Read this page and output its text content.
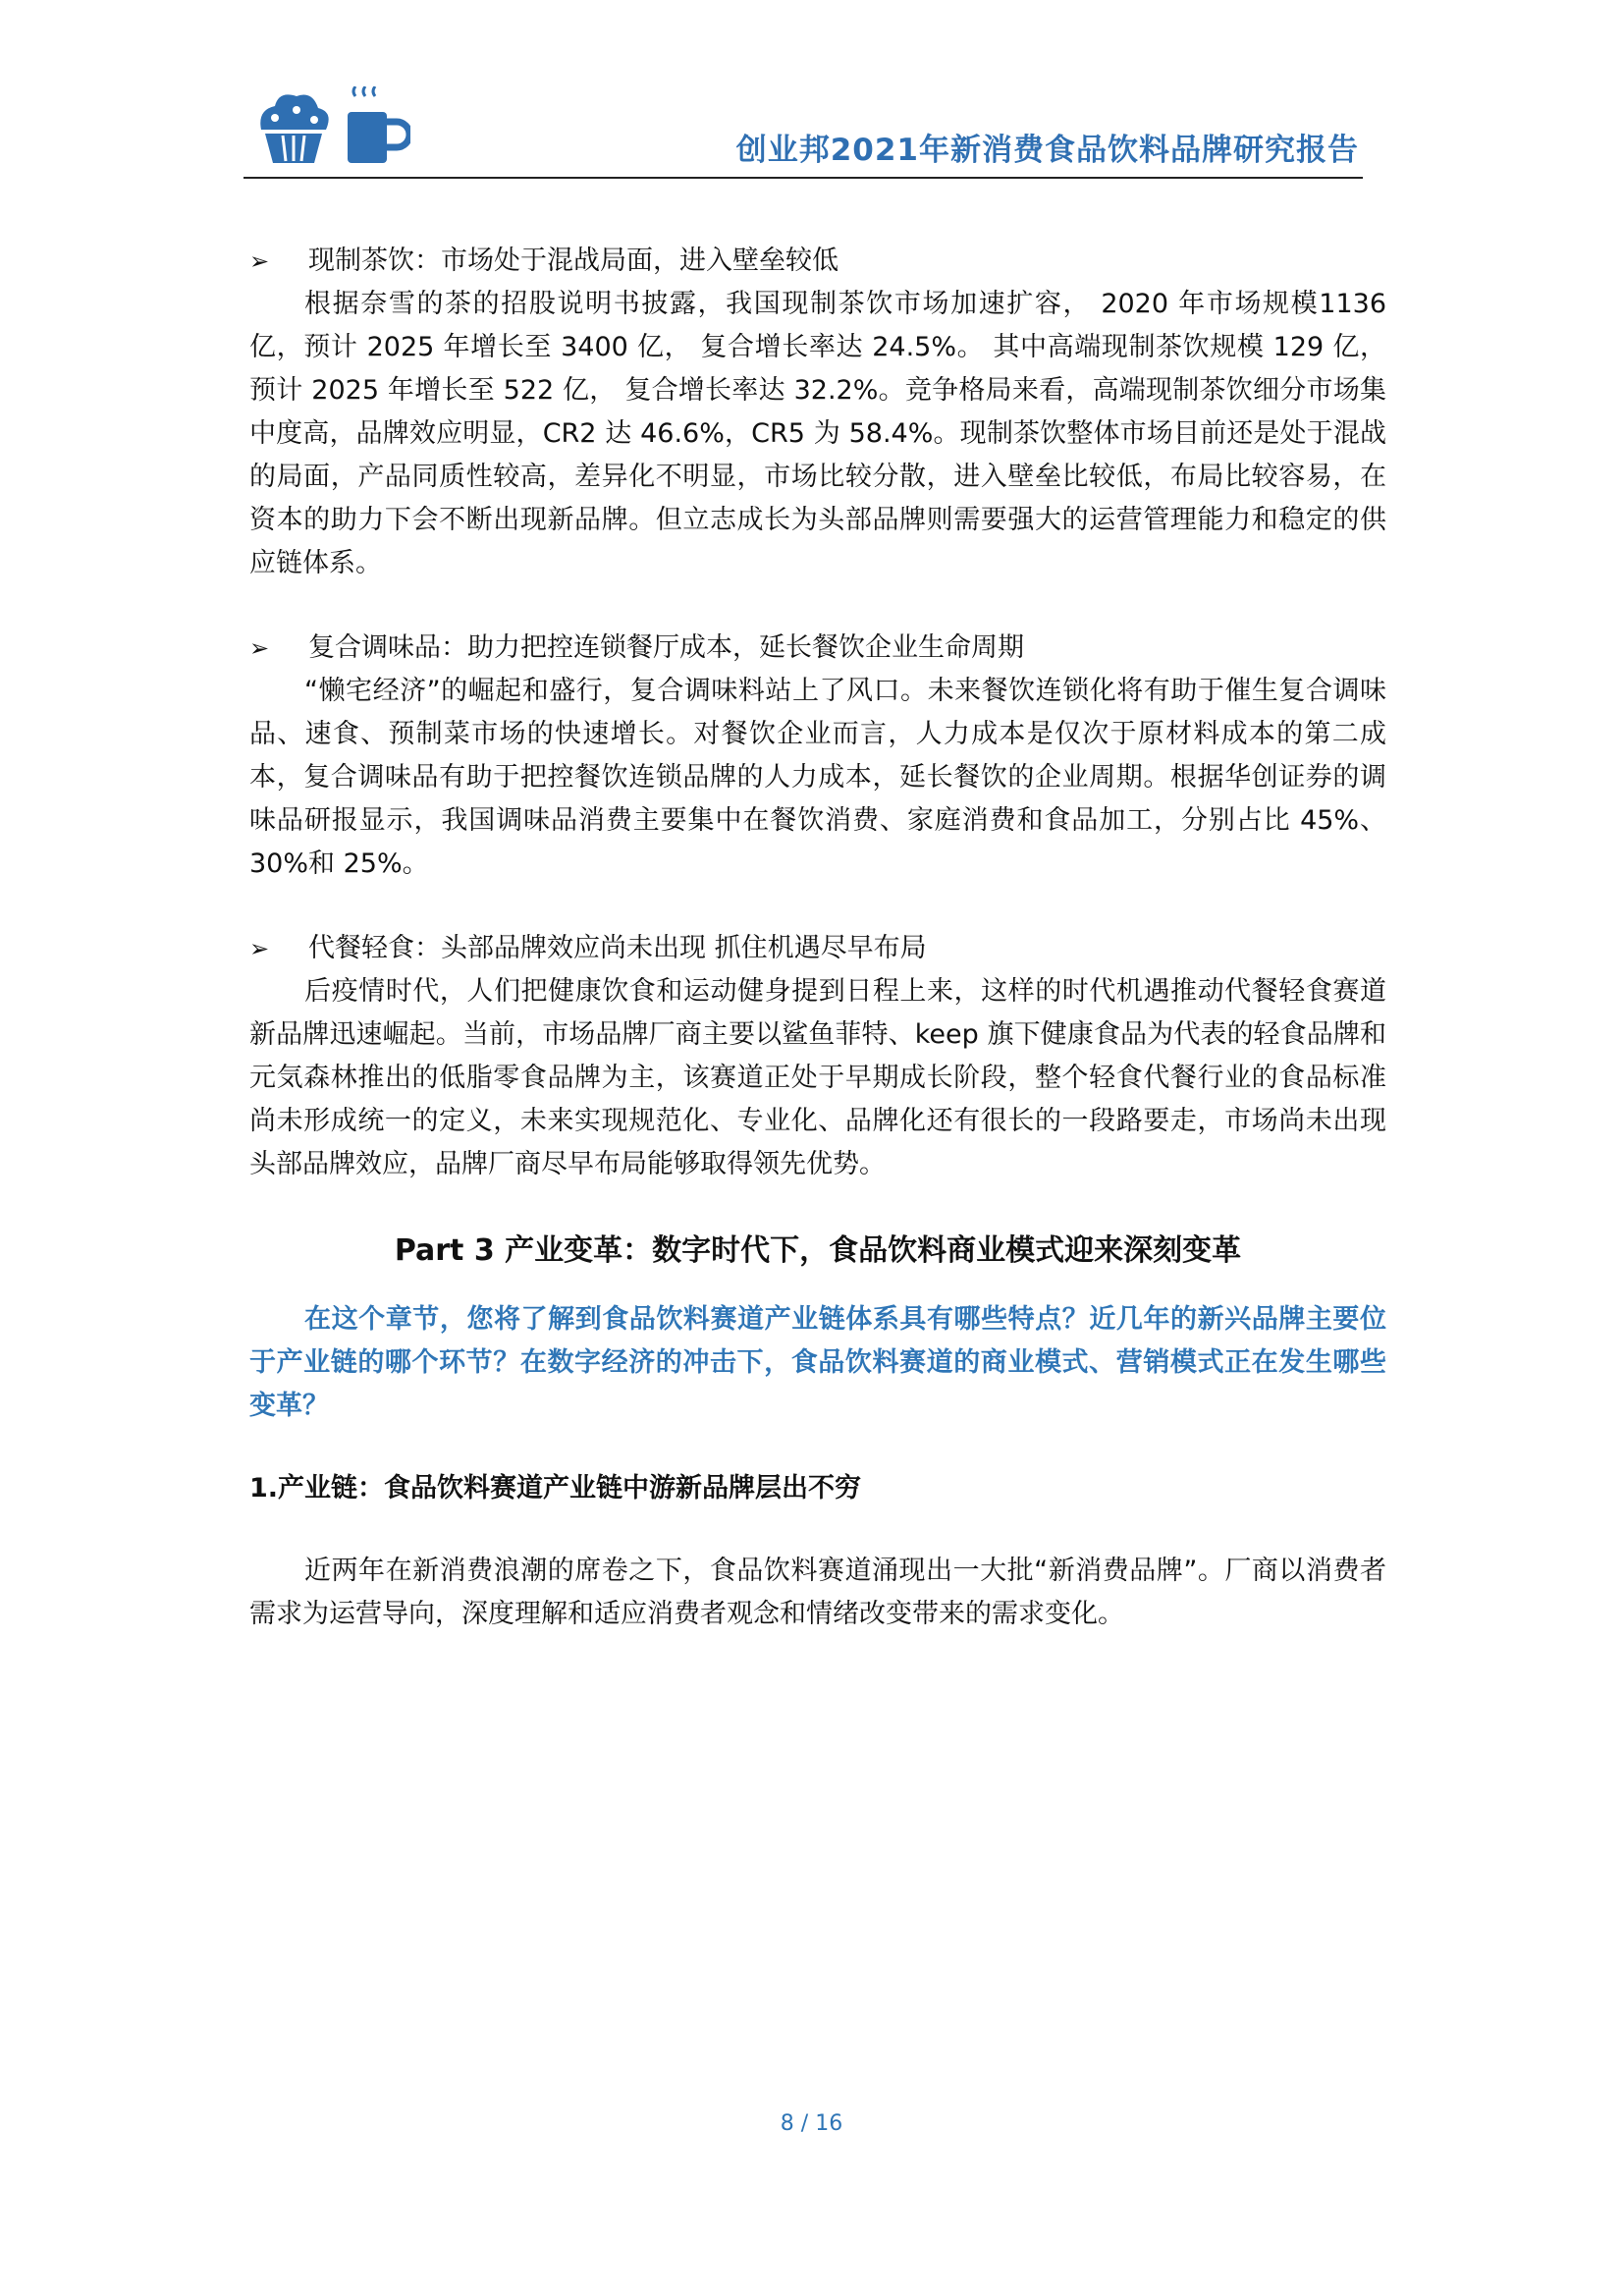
创业邦2021年新消费食品饮料品牌研究报告
➢	现制茶饮：市场处于混战局面，进入壁垒较低

根据奈雪的茶的招股说明书披露，我国现制茶饮市场加速扩容， 2020 年市场规模1136 亿，预计 2025 年增长至 3400 亿， 复合增长率达 24.5%。 其中高端现制茶饮规模 129 亿，预计 2025 年增长至 522 亿， 复合增长率达 32.2%。竞争格局来看，高端现制茶饮细分市场集中度高，品牌效应明显，CR2 达 46.6%，CR5 为 58.4%。现制茶饮整体市场目前还是处于混战的局面，产品同质性较高，差异化不明显，市场比较分散，进入壁垒比较低，布局比较容易，在资本的助力下会不断出现新品牌。但立志成长为头部品牌则需要强大的运营管理能力和稳定的供应链体系。

➢	复合调味品：助力把控连锁餐厅成本，延长餐饮企业生命周期

“懒宅经济”的崛起和盛行，复合调味料站上了风口。未来餐饮连锁化将有助于催生复合调味品、速食、预制菜市场的快速增长。对餐饮企业而言，人力成本是仅次于原材料成本的第二成本，复合调味品有助于把控餐饮连锁品牌的人力成本，延长餐饮的企业周期。根据华创证券的调味品研报显示，我国调味品消费主要集中在餐饮消费、家庭消费和食品加工，分别占比 45%、30%和 25%。

➢	代餐轻食：头部品牌效应尚未出现 抓住机遇尽早布局

后疫情时代，人们把健康饮食和运动健身提到日程上来，这样的时代机遇推动代餐轻食赛道新品牌迅速崛起。当前，市场品牌厂商主要以鲨鱼菲特、keep 旗下健康食品为代表的轻食品牌和元気森林推出的低脂零食品牌为主，该赛道正处于早期成长阶段，整个轻食代餐行业的食品标准尚未形成统一的定义，未来实现规范化、专业化、品牌化还有很长的一段路要走，市场尚未出现头部品牌效应，品牌厂商尽早布局能够取得领先优势。

Part 3 产业变革：数字时代下，食品饮料商业模式迎来深刻变革

在这个章节，您将了解到食品饮料赛道产业链体系具有哪些特点？近几年的新兴品牌主要位于产业链的哪个环节？在数字经济的冲击下，食品饮料赛道的商业模式、营销模式正在发生哪些变革？

1.产业链：食品饮料赛道产业链中游新品牌层出不穷

近两年在新消费浪潮的席卷之下，食品饮料赛道涌现出一大批“新消费品牌”。厂商以消费者需求为运营导向，深度理解和适应消费者观念和情绪改变带来的需求变化。

8 / 16
